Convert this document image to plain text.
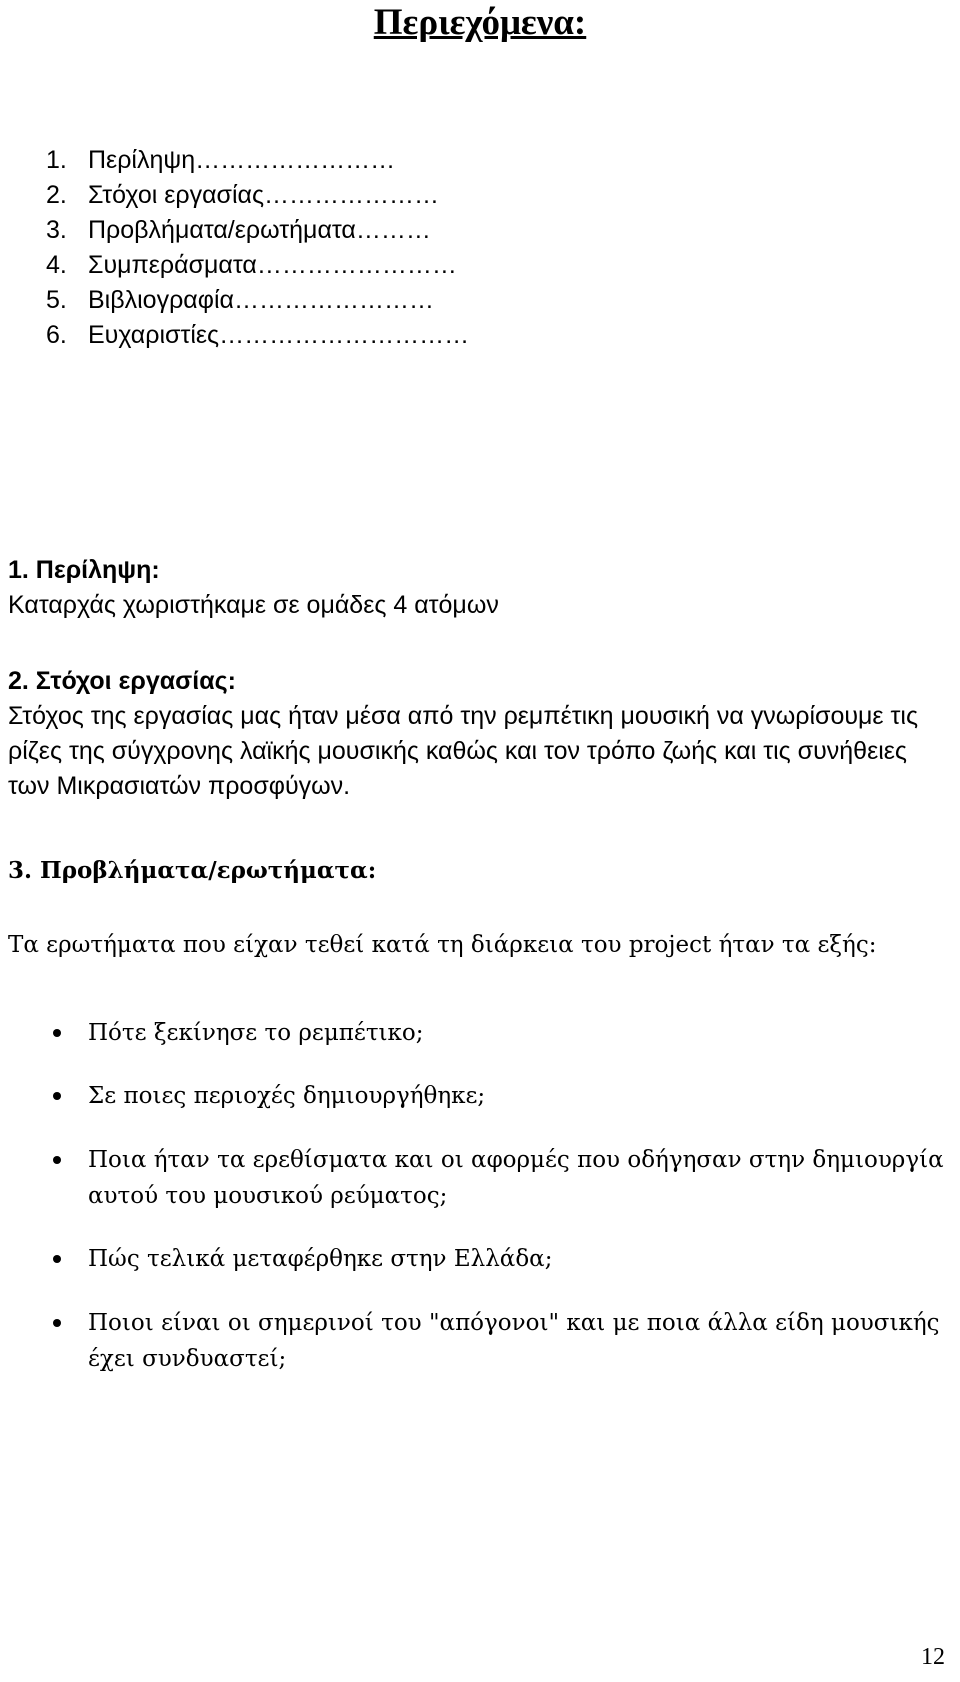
Περιεχόμενα:
1. Περίληψη……………………
2. Στόχοι εργασίας…………………
3. Προβλήματα/ερωτήματα………
4. Συμπεράσματα……………………
5. Βιβλιογραφία……………………
6. Ευχαριστίες…………………………
1. Περίληψη:
Καταρχάς χωριστήκαμε σε ομάδες 4 ατόμων
2. Στόχοι εργασίας:
Στόχος της εργασίας μας ήταν μέσα από την ρεμπέτικη μουσική να γνωρίσουμε τις ρίζες της σύγχρονης λαϊκής μουσικής καθώς και τον τρόπο ζωής και τις συνήθειες των Μικρασιατών προσφύγων.
3. Προβλήματα/ερωτήματα:
Τα ερωτήματα που είχαν τεθεί κατά τη διάρκεια του project ήταν τα εξής:
Πότε ξεκίνησε το ρεμπέτικο;
Σε ποιες περιοχές δημιουργήθηκε;
Ποια ήταν τα ερεθίσματα και οι αφορμές που οδήγησαν στην δημιουργία αυτού του μουσικού ρεύματος;
Πώς τελικά μεταφέρθηκε στην Ελλάδα;
Ποιοι είναι οι σημερινοί του "απόγονοι" και με ποια άλλα είδη μουσικής έχει συνδυαστεί;
12
